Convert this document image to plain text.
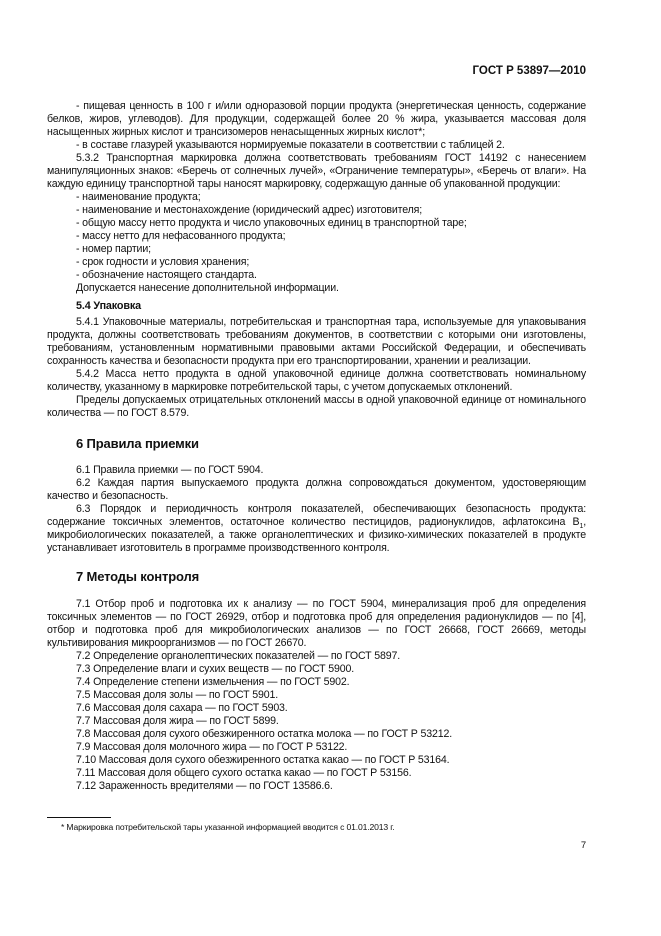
ГОСТ Р 53897—2010

- пищевая ценность в 100 г и/или одноразовой порции продукта (энергетическая ценность, содержание белков, жиров, углеводов). Для продукции, содержащей более 20 % жира, указывается массовая доля насыщенных жирных кислот и трансизомеров ненасыщенных жирных кислот*;

- в составе глазурей указываются нормируемые показатели в соответствии с таблицей 2.

5.3.2 Транспортная маркировка должна соответствовать требованиям ГОСТ 14192 с нанесением манипуляционных знаков: «Беречь от солнечных лучей», «Ограничение температуры», «Беречь от влаги». На каждую единицу транспортной тары наносят маркировку, содержащую данные об упакованной продукции:

- наименование продукта;
- наименование и местонахождение (юридический адрес) изготовителя;
- общую массу нетто продукта и число упаковочных единиц в транспортной таре;
- массу нетто для нефасованного продукта;
- номер партии;
- срок годности и условия хранения;
- обозначение настоящего стандарта.

Допускается нанесение дополнительной информации.

5.4 Упаковка

5.4.1 Упаковочные материалы, потребительская и транспортная тара, используемые для упаковывания продукта, должны соответствовать требованиям документов, в соответствии с которыми они изготовлены, требованиям, установленным нормативными правовыми актами Российской Федерации, и обеспечивать сохранность качества и безопасности продукта при его транспортировании, хранении и реализации.

5.4.2 Масса нетто продукта в одной упаковочной единице должна соответствовать номинальному количеству, указанному в маркировке потребительской тары, с учетом допускаемых отклонений.

Пределы допускаемых отрицательных отклонений массы в одной упаковочной единице от номинального количества — по ГОСТ 8.579.

6 Правила приемки

6.1 Правила приемки — по ГОСТ 5904.

6.2 Каждая партия выпускаемого продукта должна сопровождаться документом, удостоверяющим качество и безопасность.

6.3 Порядок и периодичность контроля показателей, обеспечивающих безопасность продукта: содержание токсичных элементов, остаточное количество пестицидов, радионуклидов, афлатоксина $B_1$, микробиологических показателей, а также органолептических и физико-химических показателей в продукте устанавливает изготовитель в программе производственного контроля.

7 Методы контроля

7.1 Отбор проб и подготовка их к анализу — по ГОСТ 5904, минерализация проб для определения токсичных элементов — по ГОСТ 26929, отбор и подготовка проб для определения радионуклидов — по [4], отбор и подготовка проб для микробиологических анализов — по ГОСТ 26668, ГОСТ 26669, методы культивирования микроорганизмов — по ГОСТ 26670.

7.2 Определение органолептических показателей — по ГОСТ 5897.
7.3 Определение влаги и сухих веществ — по ГОСТ 5900.
7.4 Определение степени измельчения — по ГОСТ 5902.
7.5 Массовая доля золы — по ГОСТ 5901.
7.6 Массовая доля сахара — по ГОСТ 5903.
7.7 Массовая доля жира — по ГОСТ 5899.
7.8 Массовая доля сухого обезжиренного остатка молока — по ГОСТ Р 53212.
7.9 Массовая доля молочного жира — по ГОСТ Р 53122.
7.10 Массовая доля сухого обезжиренного остатка какао — по ГОСТ Р 53164.
7.11 Массовая доля общего сухого остатка какао — по ГОСТ Р 53156.
7.12 Зараженность вредителями — по ГОСТ 13586.6.
* Маркировка потребительской тары указанной информацией вводится с 01.01.2013 г.
7
